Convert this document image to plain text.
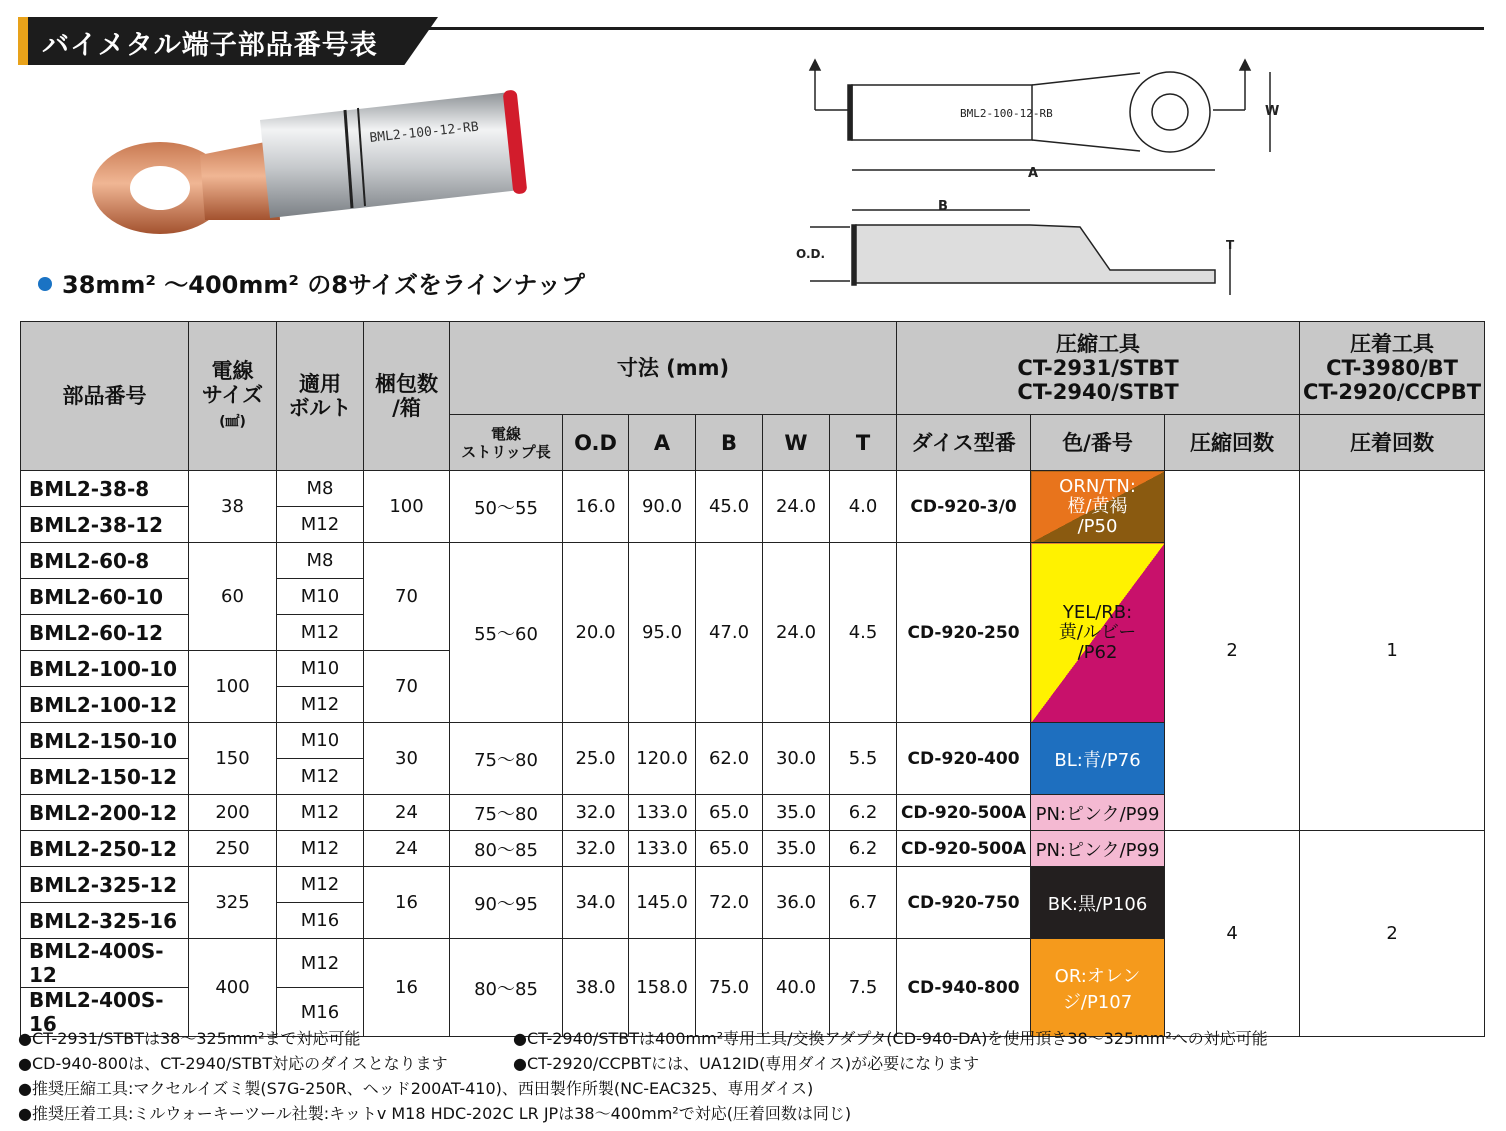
バイメタル端子部品番号表
BML2-100-12-RB
38mm² ～400mm² の8サイズをラインナップ
BML2-100-12-RB	W
A
B
O.D.
T
部品番号	電線
サイズ
(㎟)	適用
ボルト	梱包数
/箱	寸法 (mm)						圧縮工具
CT-2931/STBT
CT-2940/STBT			圧着工具
CT-3980/BT
CT-2920/CCPBT
				電線
ストリップ長	O.D	A	B	W	T	ダイス型番	色/番号	圧縮回数	圧着回数
BML2-38-8	38	M8	100	50～55	16.0	90.0	45.0	24.0	4.0	CD-920-3/0	ORN/TN:
橙/黄褐
/P50	2	1
BML2-38-12		M12											
BML2-60-8	60	M8	70	55～60	20.0	95.0	47.0	24.0	4.5	CD-920-250	YEL/RB:
黄/ルビー
/P62		
BML2-60-10		M10											
BML2-60-12		M12											
BML2-100-10	100	M10	70										
BML2-100-12		M12											
BML2-150-10	150	M10	30	75～80	25.0	120.0	62.0	30.0	5.5	CD-920-400	BL:青/P76		
BML2-150-12		M12											
BML2-200-12	200	M12	24	75～80	32.0	133.0	65.0	35.0	6.2	CD-920-500A	PN:ピンク/P99		
BML2-250-12	250	M12	24	80～85	32.0	133.0	65.0	35.0	6.2	CD-920-500A	PN:ピンク/P99	4	2
BML2-325-12	325	M12	16	90～95	34.0	145.0	72.0	36.0	6.7	CD-920-750	BK:黒/P106		
BML2-325-16		M16											
BML2-400S-12	400	M12	16	80～85	38.0	158.0	75.0	40.0	7.5	CD-940-800	OR:オレンジ/P107		
BML2-400S-16		M16											
●CT-2931/STBTは38～325mm²まで対応可能	●CT-2940/STBTは400mm²専用工具/交換アダプタ(CD-940-DA)を使用頂き38～325mm²への対応可能
●CD-940-800は、CT-2940/STBT対応のダイスとなります	●CT-2920/CCPBTには、UA12ID(専用ダイス)が必要になります
●推奨圧縮工具:マクセルイズミ製(S7G-250R、ヘッド200AT-410)、西田製作所製(NC-EAC325、専用ダイス)
●推奨圧着工具:ミルウォーキーツール社製:キットv M18 HDC-202C LR JPは38～400mm²で対応(圧着回数は同じ)
